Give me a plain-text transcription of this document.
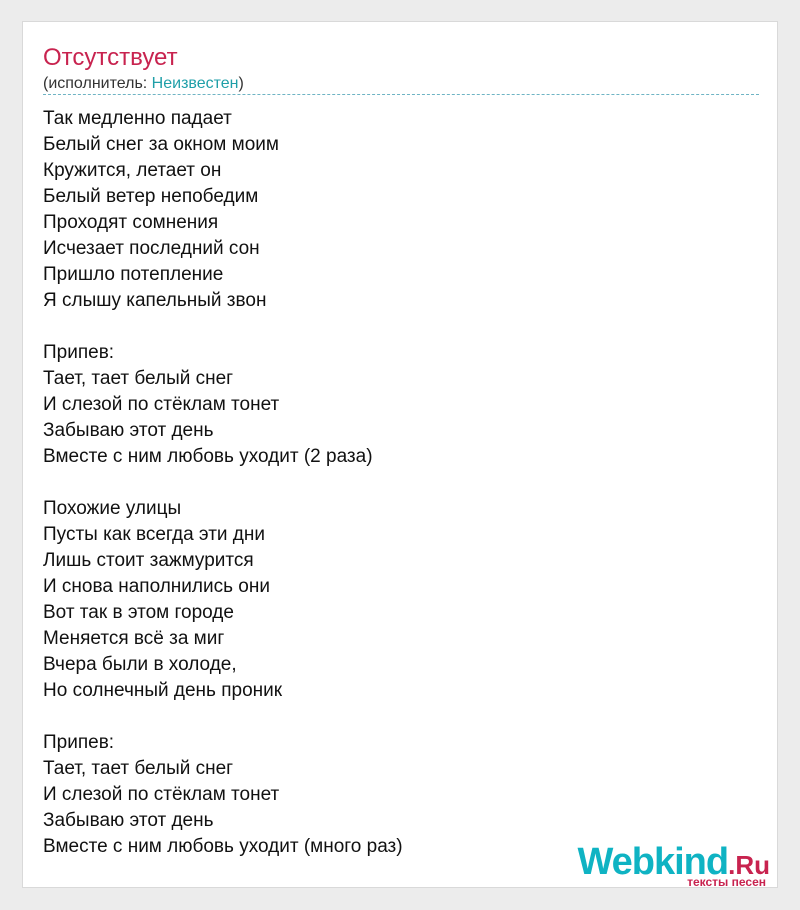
Отсутствует
(исполнитель: Неизвестен)
Так медленно падает
Белый снег за окном моим
Кружится, летает он
Белый ветер непобедим
Проходят сомнения
Исчезает последний сон
Пришло потепление
Я слышу капельный звон
Припев:
Тает, тает белый снег
И слезой по стёклам тонет
Забываю этот день
Вместе с ним любовь уходит (2 раза)
Похожие улицы
Пусты как всегда эти дни
Лишь стоит зажмурится
И снова наполнились они
Вот так в этом городе
Меняется всё за миг
Вчера были в холоде,
Но солнечный день проник
Припев:
Тает, тает белый снег
И слезой по стёклам тонет
Забываю этот день
Вместе с ним любовь уходит (много раз)	Webkind.Ru
тексты песен
